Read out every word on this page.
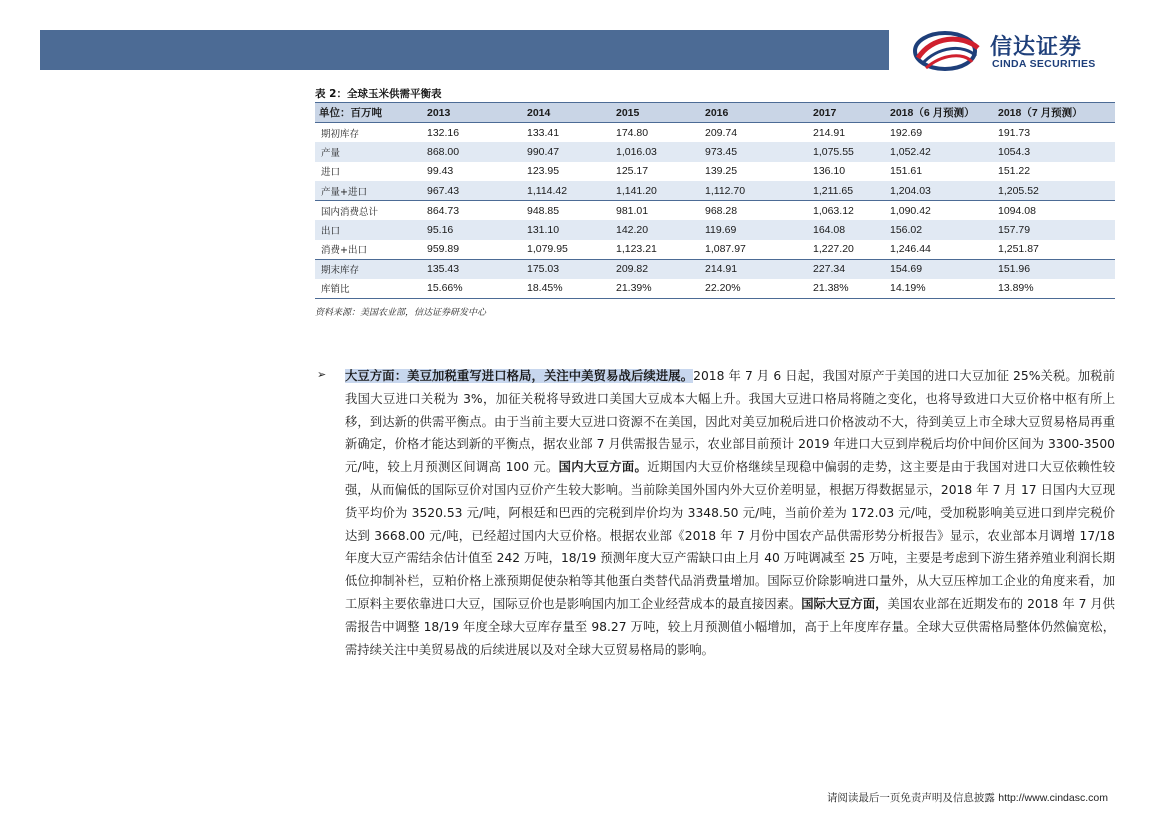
信达证券
CINDA SECURITIES
表 2：全球玉米供需平衡表
单位：百万吨	2013	2014	2015	2016	2017	2018（6 月预测）	2018（7 月预测）
期初库存	132.16	133.41	174.80	209.74	214.91	192.69	191.73
产量	868.00	990.47	1,016.03	973.45	1,075.55	1,052.42	1054.3
进口	99.43	123.95	125.17	139.25	136.10	151.61	151.22
产量+进口	967.43	1,114.42	1,141.20	1,112.70	1,211.65	1,204.03	1,205.52
国内消费总计	864.73	948.85	981.01	968.28	1,063.12	1,090.42	1094.08
出口	95.16	131.10	142.20	119.69	164.08	156.02	157.79
消费+出口	959.89	1,079.95	1,123.21	1,087.97	1,227.20	1,246.44	1,251.87
期末库存	135.43	175.03	209.82	214.91	227.34	154.69	151.96
库销比	15.66%	18.45%	21.39%	22.20%	21.38%	14.19%	13.89%
资料来源：美国农业部，信达证券研发中心
➢ 大豆方面：美豆加税重写进口格局，关注中美贸易战后续进展。2018 年 7 月 6 日起，我国对原产于美国的进口大豆加征 25%关税。加税前我国大豆进口关税为 3%，加征关税将导致进口美国大豆成本大幅上升。我国大豆进口格局将随之变化，也将导致进口大豆价格中枢有所上移，到达新的供需平衡点。由于当前主要大豆进口资源不在美国，因此对美豆加税后进口价格波动不大，待到美豆上市全球大豆贸易格局再重新确定，价格才能达到新的平衡点，据农业部 7 月供需报告显示，农业部目前预计 2019 年进口大豆到岸税后均价中间价区间为 3300-3500 元/吨，较上月预测区间调高 100 元。国内大豆方面。近期国内大豆价格继续呈现稳中偏弱的走势，这主要是由于我国对进口大豆依赖性较强，从而偏低的国际豆价对国内豆价产生较大影响。当前除美国外国内外大豆价差明显，根据万得数据显示，2018 年 7 月 17 日国内大豆现货平均价为 3520.53 元/吨，阿根廷和巴西的完税到岸价均为 3348.50 元/吨，当前价差为 172.03 元/吨，受加税影响美豆进口到岸完税价达到 3668.00 元/吨，已经超过国内大豆价格。根据农业部《2018 年 7 月份中国农产品供需形势分析报告》显示，农业部本月调增 17/18 年度大豆产需结余估计值至 242 万吨，18/19 预测年度大豆产需缺口由上月 40 万吨调减至 25 万吨，主要是考虑到下游生猪养殖业利润长期低位抑制补栏，豆粕价格上涨预期促使杂粕等其他蛋白类替代品消费量增加。国际豆价除影响进口量外，从大豆压榨加工企业的角度来看，加工原料主要依靠进口大豆，国际豆价也是影响国内加工企业经营成本的最直接因素。国际大豆方面，美国农业部在近期发布的 2018 年 7 月供需报告中调整 18/19 年度全球大豆库存量至 98.27 万吨，较上月预测值小幅增加，高于上年度库存量。全球大豆供需格局整体仍然偏宽松，需持续关注中美贸易战的后续进展以及对全球大豆贸易格局的影响。
请阅读最后一页免责声明及信息披露 http://www.cindasc.com
